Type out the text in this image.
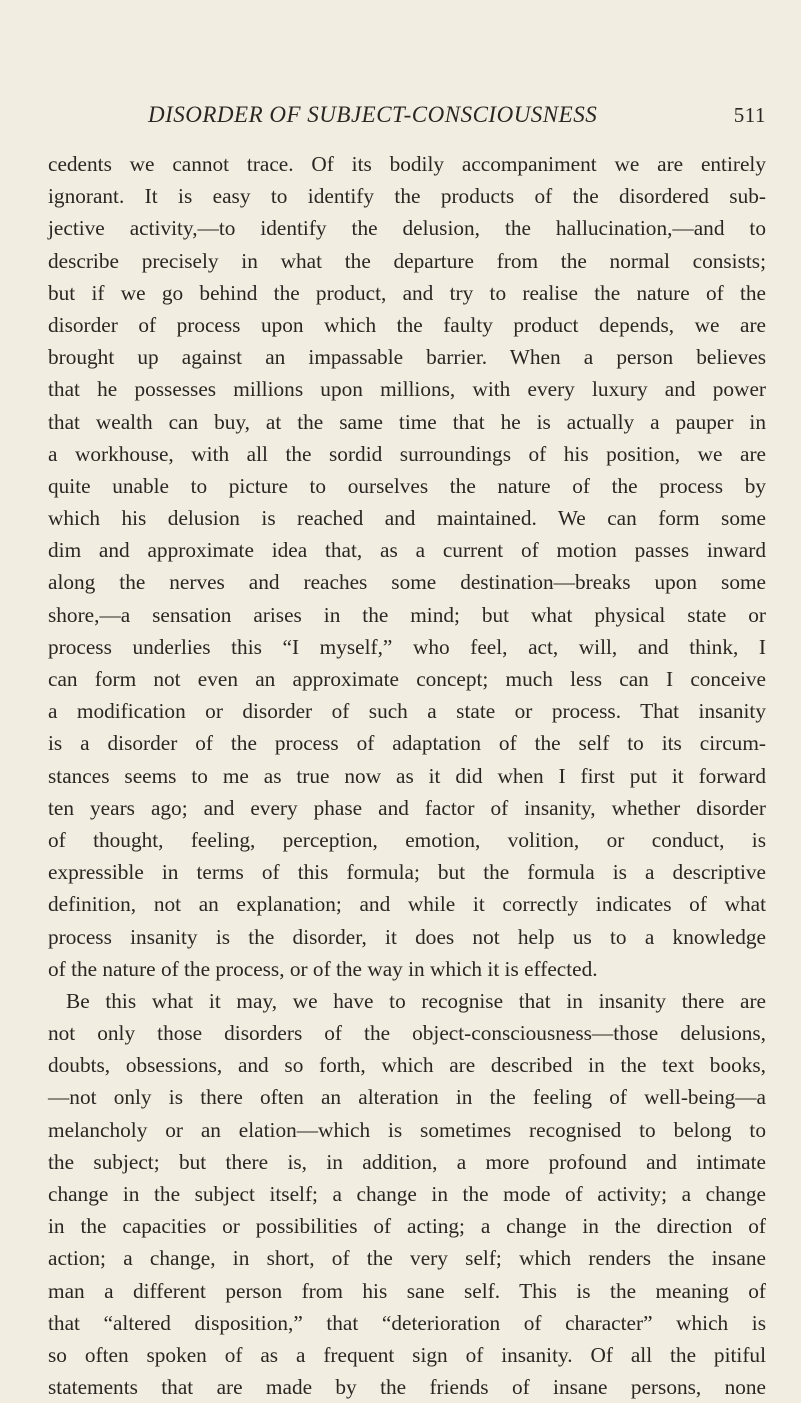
DISORDER OF SUBJECT-CONSCIOUSNESS	511
cedents we cannot trace. Of its bodily accompaniment we are entirely
ignorant. It is easy to identify the products of the disordered sub-
jective activity,—to identify the delusion, the hallucination,—and to
describe precisely in what the departure from the normal consists;
but if we go behind the product, and try to realise the nature of the
disorder of process upon which the faulty product depends, we are
brought up against an impassable barrier. When a person believes
that he possesses millions upon millions, with every luxury and power
that wealth can buy, at the same time that he is actually a pauper in
a workhouse, with all the sordid surroundings of his position, we are
quite unable to picture to ourselves the nature of the process by
which his delusion is reached and maintained. We can form some
dim and approximate idea that, as a current of motion passes inward
along the nerves and reaches some destination—breaks upon some
shore,—a sensation arises in the mind; but what physical state or
process underlies this “I myself,” who feel, act, will, and think, I
can form not even an approximate concept; much less can I conceive
a modification or disorder of such a state or process. That insanity
is a disorder of the process of adaptation of the self to its circum-
stances seems to me as true now as it did when I first put it forward
ten years ago; and every phase and factor of insanity, whether disorder
of thought, feeling, perception, emotion, volition, or conduct, is
expressible in terms of this formula; but the formula is a descriptive
definition, not an explanation; and while it correctly indicates of what
process insanity is the disorder, it does not help us to a knowledge
of the nature of the process, or of the way in which it is effected.
Be this what it may, we have to recognise that in insanity there are
not only those disorders of the object-consciousness—those delusions,
doubts, obsessions, and so forth, which are described in the text books,
—not only is there often an alteration in the feeling of well-being—a
melancholy or an elation—which is sometimes recognised to belong to
the subject; but there is, in addition, a more profound and intimate
change in the subject itself; a change in the mode of activity; a change
in the capacities or possibilities of acting; a change in the direction of
action; a change, in short, of the very self; which renders the insane
man a different person from his sane self. This is the meaning of
that “altered disposition,” that “deterioration of character” which is
so often spoken of as a frequent sign of insanity. Of all the pitiful
statements that are made by the friends of insane persons, none
